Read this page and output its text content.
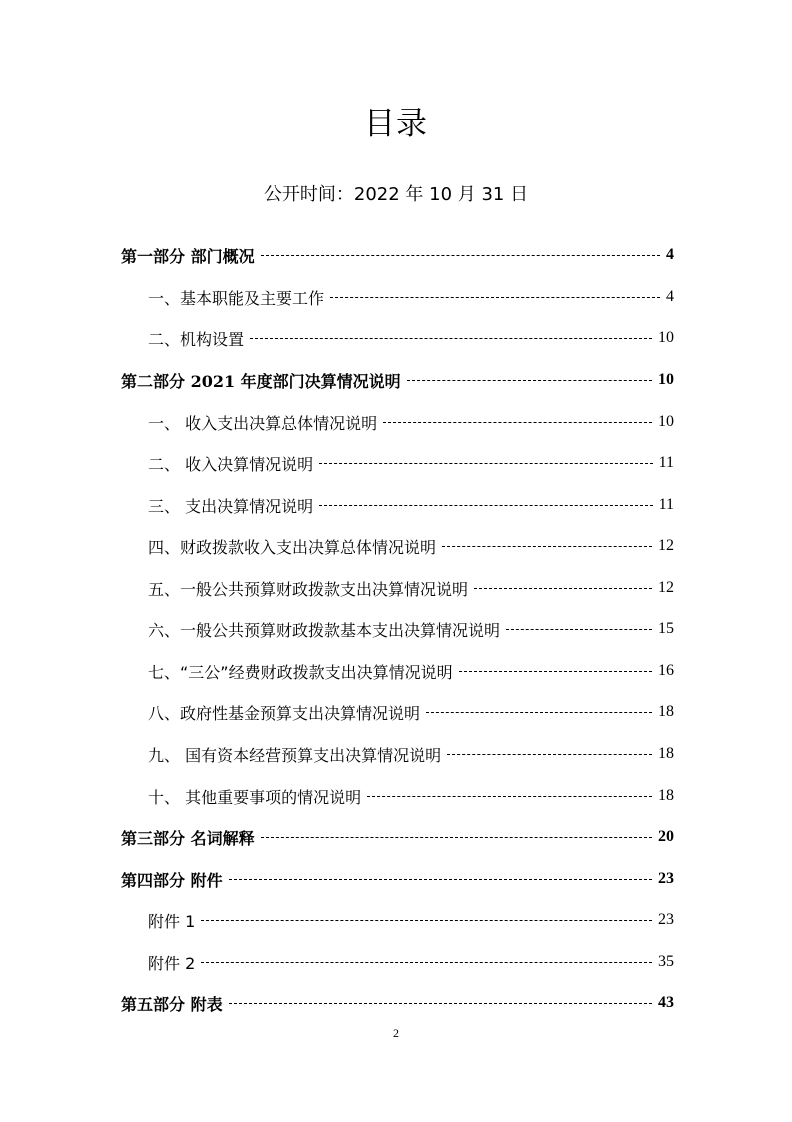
目录
公开时间：2022 年 10 月 31 日
第一部分 部门概况	4
一、基本职能及主要工作	4
二、机构设置	10
第二部分 2021 年度部门决算情况说明	10
一、 收入支出决算总体情况说明	10
二、 收入决算情况说明	11
三、 支出决算情况说明	11
四、财政拨款收入支出决算总体情况说明	12
五、一般公共预算财政拨款支出决算情况说明	12
六、一般公共预算财政拨款基本支出决算情况说明	15
七、“三公”经费财政拨款支出决算情况说明	16
八、政府性基金预算支出决算情况说明	18
九、 国有资本经营预算支出决算情况说明	18
十、 其他重要事项的情况说明	18
第三部分 名词解释	20
第四部分 附件	23
附件 1	23
附件 2	35
第五部分 附表	43
2
